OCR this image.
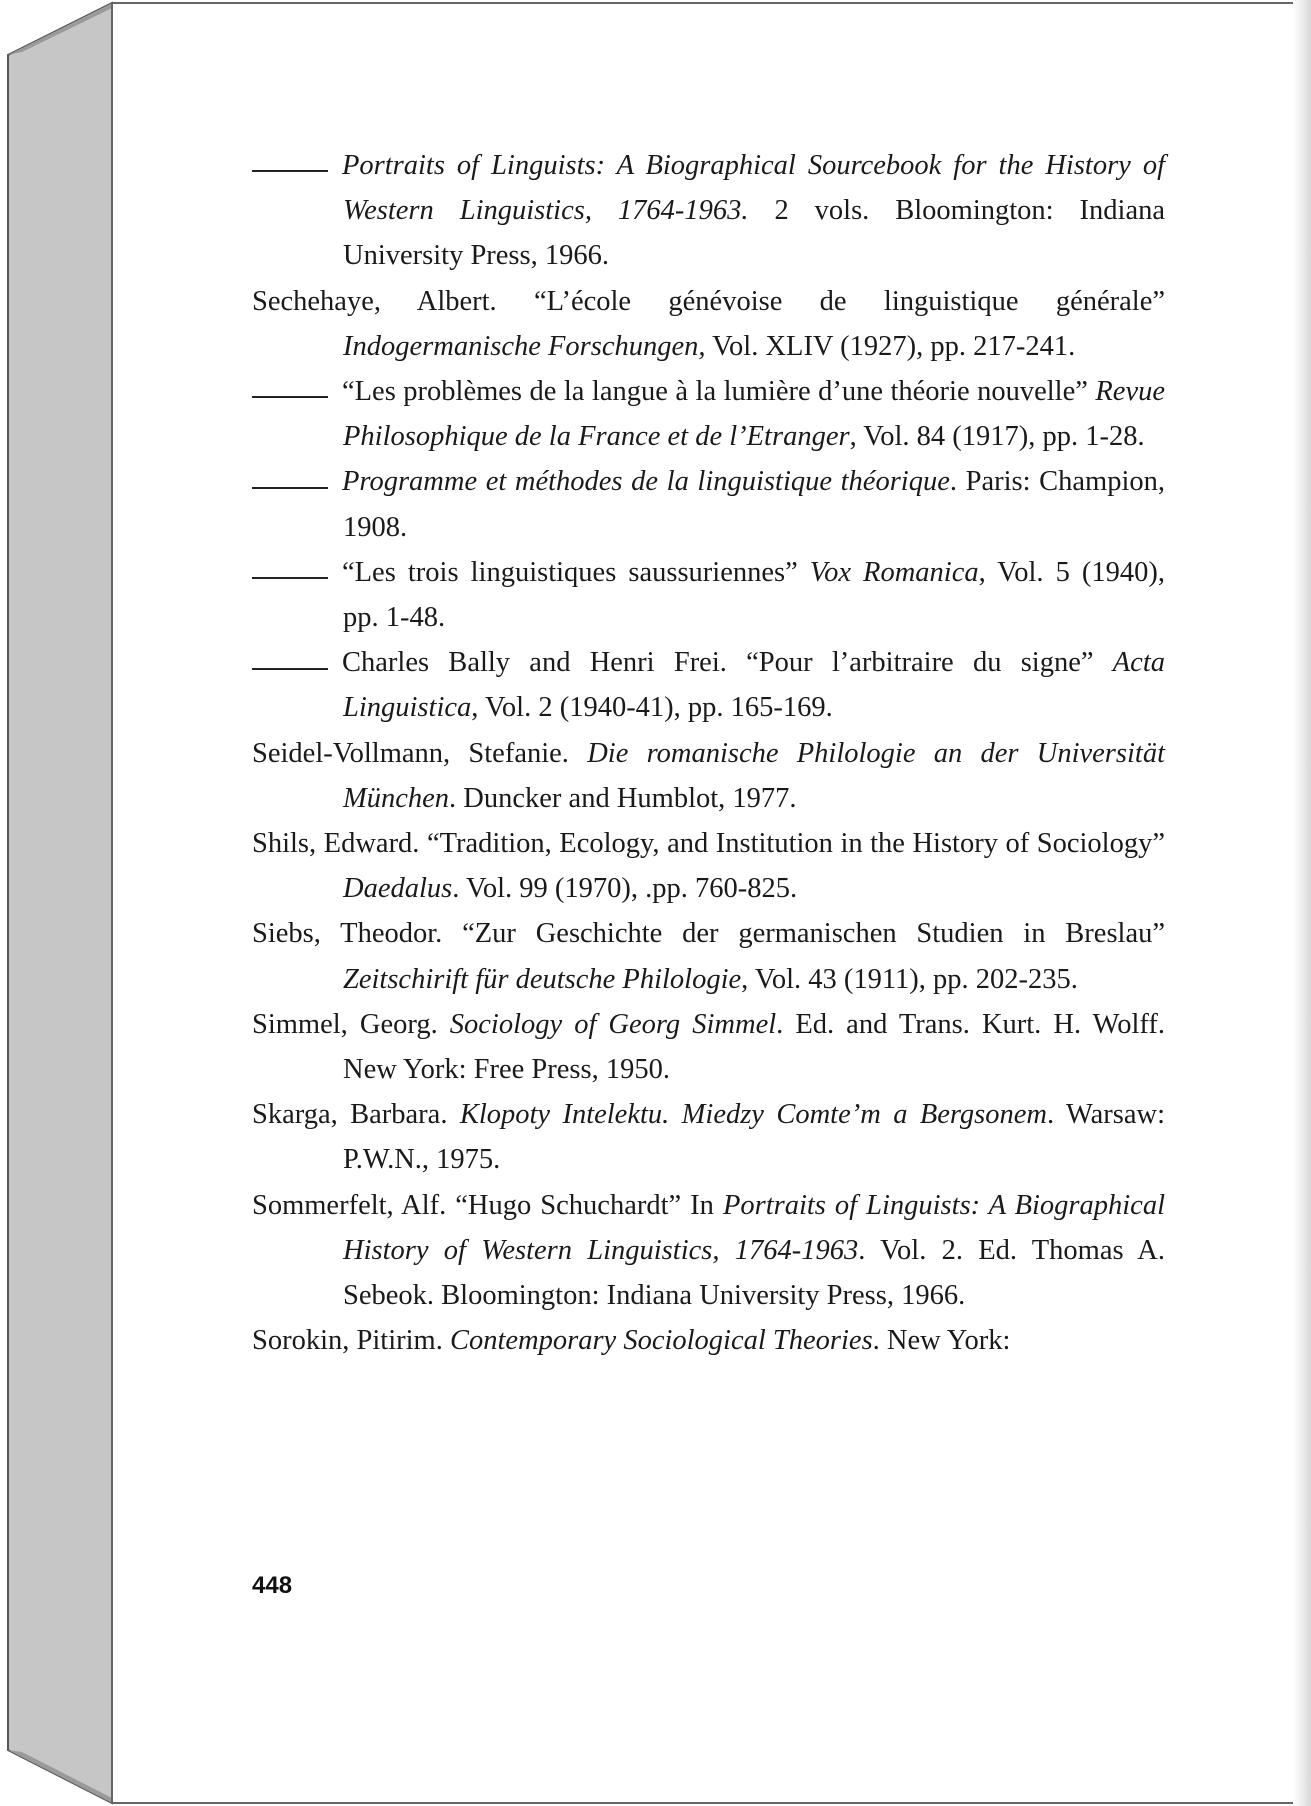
Portraits of Linguists: A Biographical Sourcebook for the History of Western Linguistics, 1764-1963. 2 vols. Bloomington: Indiana University Press, 1966.

Sechehaye, Albert. “L’école génévoise de linguistique générale” Indogermanische Forschungen, Vol. XLIV (1927), pp. 217-241.

“Les problèmes de la langue à la lumière d’une théorie nouvelle” Revue Philosophique de la France et de l’Etranger, Vol. 84 (1917), pp. 1-28.

Programme et méthodes de la linguistique théorique. Paris: Champion, 1908.

“Les trois linguistiques saussuriennes” Vox Romanica, Vol. 5 (1940), pp. 1-48.

Charles Bally and Henri Frei. “Pour l’arbitraire du signe” Acta Linguistica, Vol. 2 (1940-41), pp. 165-169.

Seidel-Vollmann, Stefanie. Die romanische Philologie an der Universität München. Duncker and Humblot, 1977.

Shils, Edward. “Tradition, Ecology, and Institution in the History of Sociology” Daedalus. Vol. 99 (1970), .pp. 760-825.

Siebs, Theodor. “Zur Geschichte der germanischen Studien in Breslau” Zeitschirift für deutsche Philologie, Vol. 43 (1911), pp. 202-235.

Simmel, Georg. Sociology of Georg Simmel. Ed. and Trans. Kurt. H. Wolff. New York: Free Press, 1950.

Skarga, Barbara. Klopoty Intelektu. Miedzy Comte’m a Bergsonem. Warsaw: P.W.N., 1975.

Sommerfelt, Alf. “Hugo Schuchardt” In Portraits of Linguists: A Biographical History of Western Linguistics, 1764-1963. Vol. 2. Ed. Thomas A. Sebeok. Bloomington: Indiana University Press, 1966.

Sorokin, Pitirim. Contemporary Sociological Theories. New York:

448
